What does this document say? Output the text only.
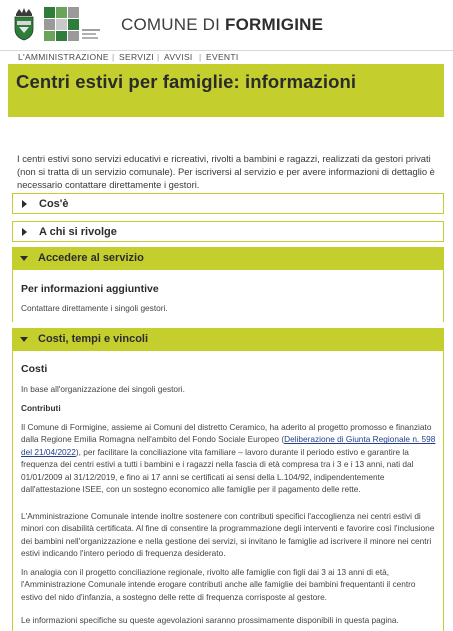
COMUNE DI FORMIGINE
L'AMMINISTRAZIONE | SERVIZI | AVVISI | EVENTI
Centri estivi per famiglie: informazioni
I centri estivi sono servizi educativi e ricreativi, rivolti a bambini e ragazzi, realizzati da gestori privati (non si tratta di un servizio comunale). Per iscriversi al servizio e per avere informazioni di dettaglio è necessario contattare direttamente i gestori.
Cos'è
A chi si rivolge
Accedere al servizio
Per informazioni aggiuntive
Contattare direttamente i singoli gestori.
Costi, tempi e vincoli
Costi
In base all'organizzazione dei singoli gestori.
Contributi
Il Comune di Formigine, assieme ai Comuni del distretto Ceramico, ha aderito al progetto promosso e finanziato dalla Regione Emilia Romagna nell'ambito del Fondo Sociale Europeo (Deliberazione di Giunta Regionale n. 598 del 21/04/2022), per facilitare la conciliazione vita familiare – lavoro durante il periodo estivo e garantire la frequenza dei centri estivi a tutti i bambini e i ragazzi nella fascia di età compresa tra i 3 e i 13 anni, nati dal 01/01/2009 al 31/12/2019, e fino ai 17 anni se certificati ai sensi della L.104/92, indipendentemente dall'attestazione ISEE, con un sostegno economico alle famiglie per il pagamento delle rette.
L'Amministrazione Comunale intende inoltre sostenere con contributi specifici l'accoglienza nei centri estivi di minori con disabilità certificata. Al fine di consentire la programmazione degli interventi e favorire così l'inclusione dei bambini nell'organizzazione e nella gestione dei servizi, si invitano le famiglie ad iscrivere il minore nei centri estivi indicando l'intero periodo di frequenza desiderato.
In analogia con il progetto conciliazione regionale, rivolto alle famiglie con figli dai 3 ai 13 anni di età, l'Amministrazione Comunale intende erogare contributi anche alle famiglie dei bambini frequentanti il centro estivo del nido d'infanzia, a sostegno delle rette di frequenza corrisposte al gestore.
Le informazioni specifiche su queste agevolazioni saranno prossimamente disponibili in questa pagina.
